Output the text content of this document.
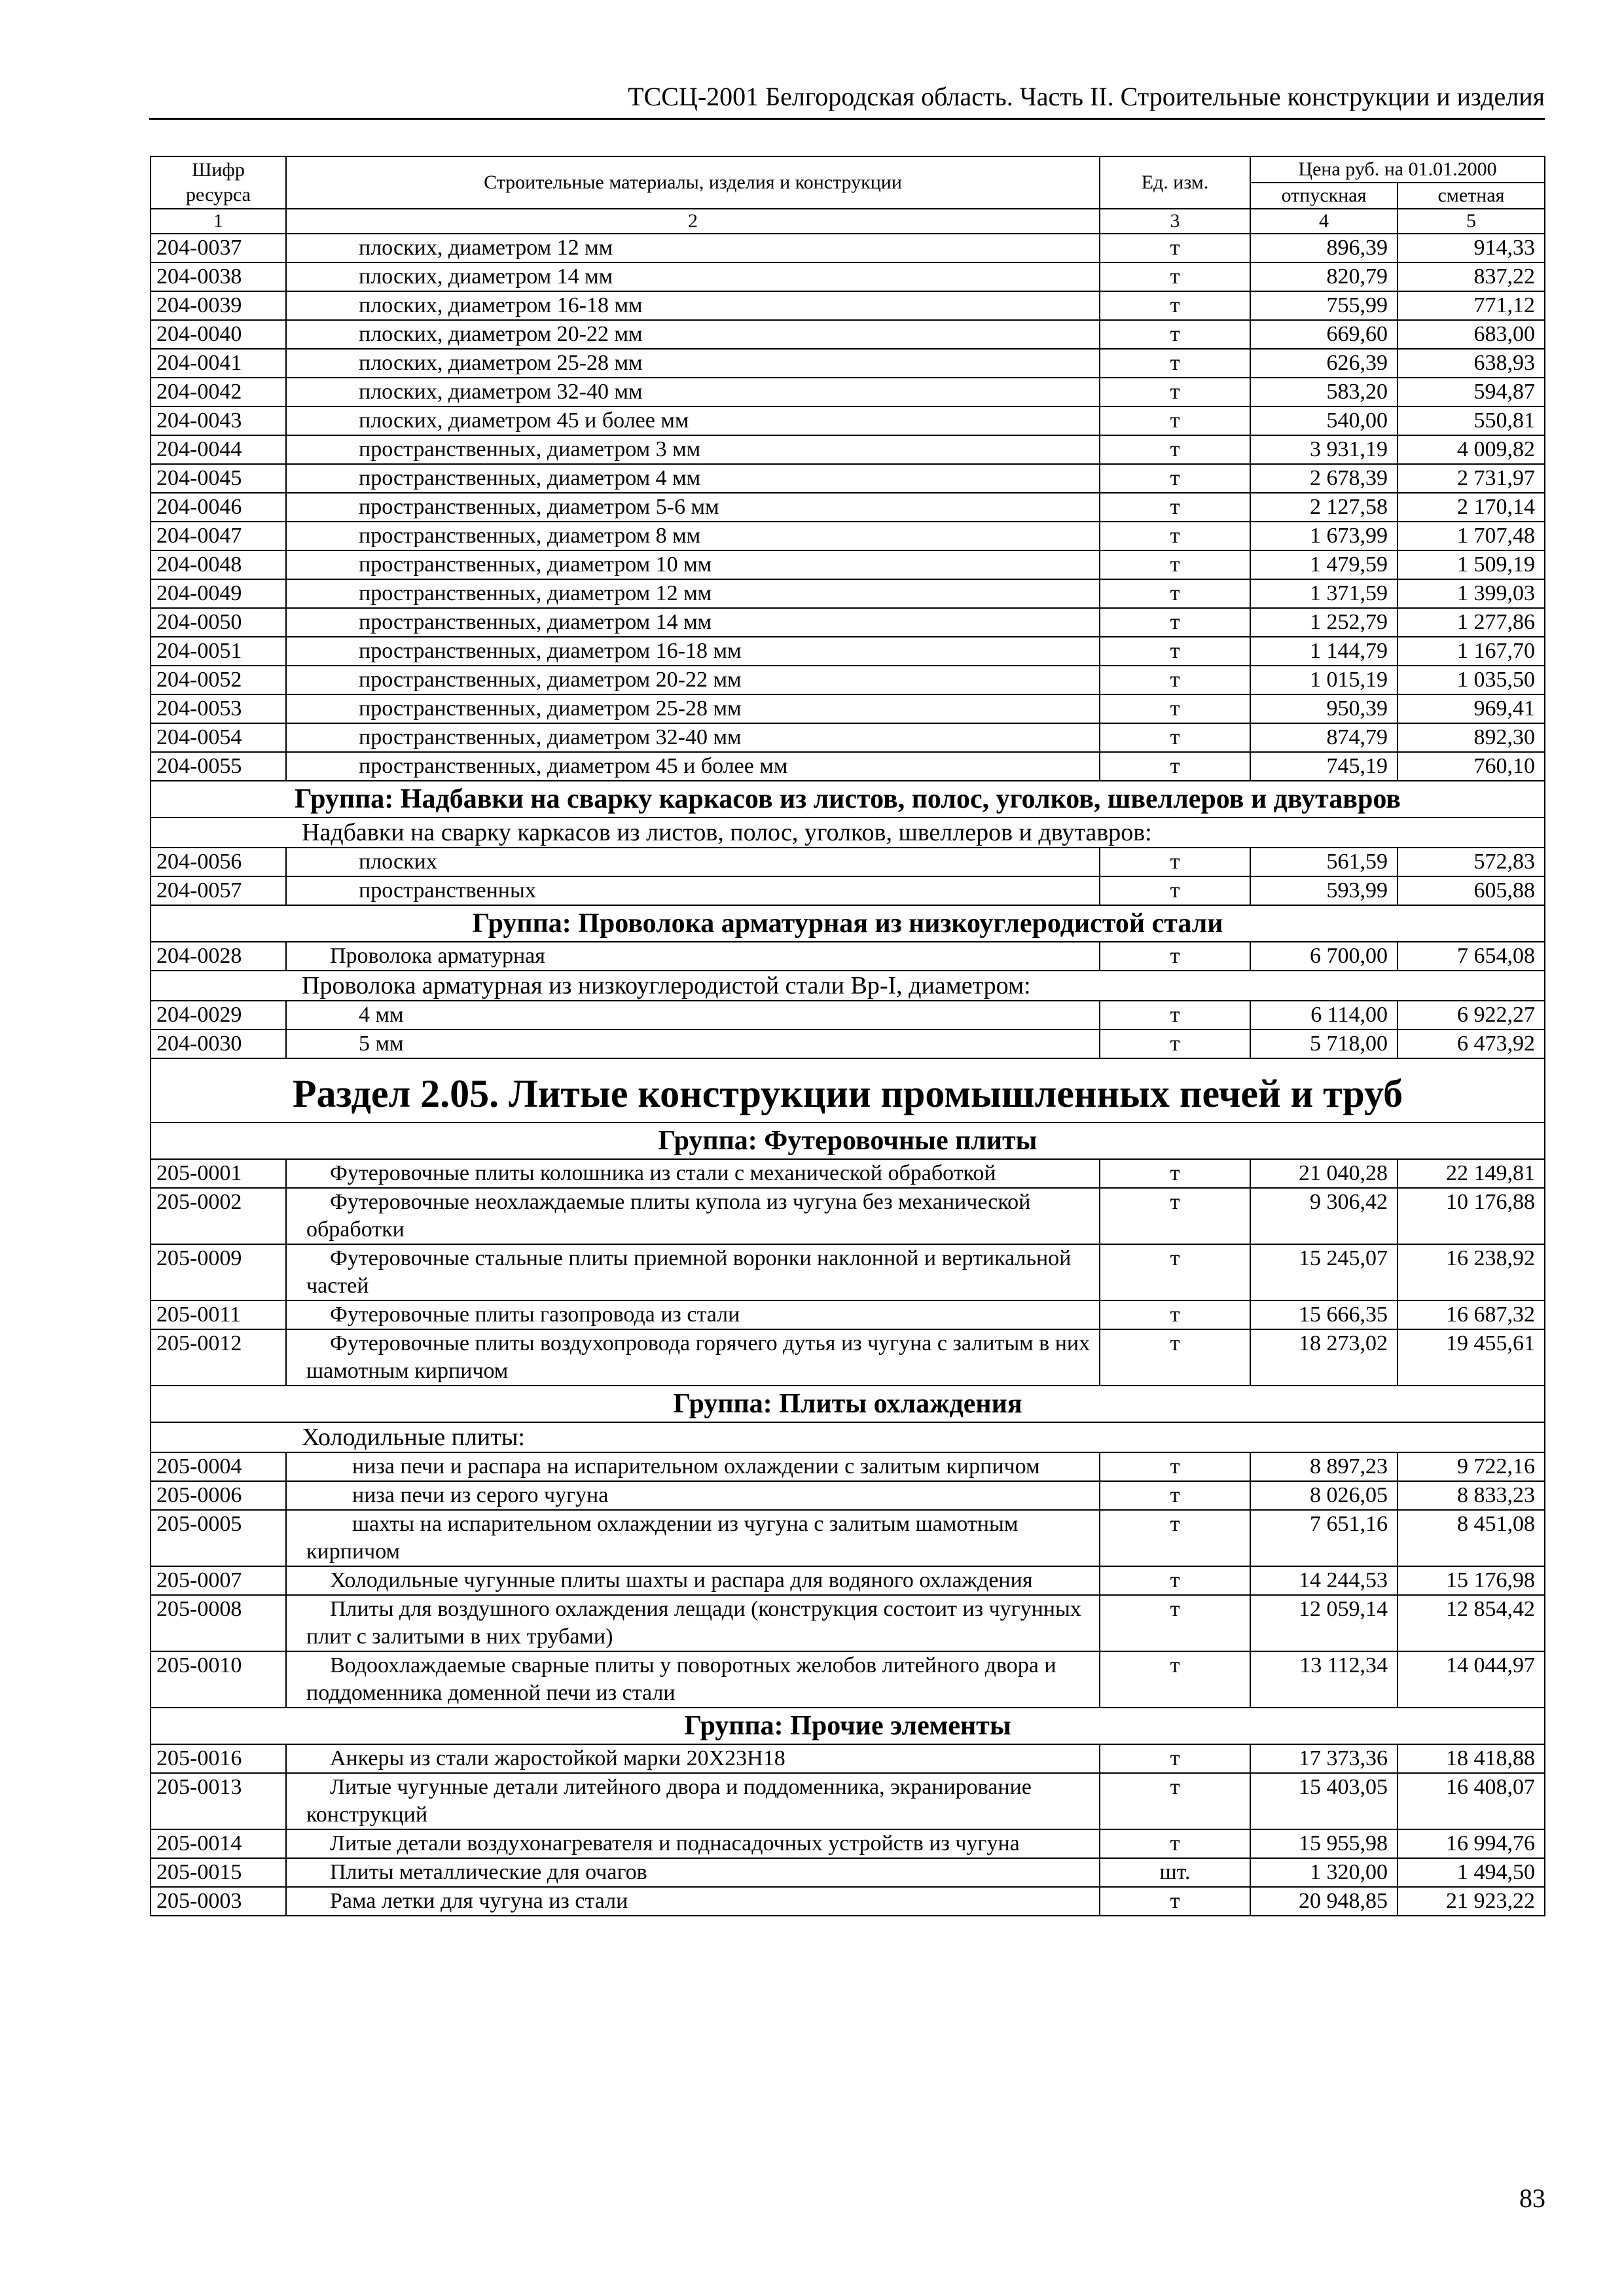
ТССЦ-2001 Белгородская область. Часть II. Строительные конструкции и изделия
Шифр ресурса	Строительные материалы, изделия и конструкции	Ед. изм.	Цена руб. на 01.01.2000	
			отпускная	сметная
1	2	3	4	5
204-0037	плоских, диаметром 12 мм	т	896,39	914,33
204-0038	плоских, диаметром 14 мм	т	820,79	837,22
204-0039	плоских, диаметром 16-18 мм	т	755,99	771,12
204-0040	плоских, диаметром 20-22 мм	т	669,60	683,00
204-0041	плоских, диаметром 25-28 мм	т	626,39	638,93
204-0042	плоских, диаметром 32-40 мм	т	583,20	594,87
204-0043	плоских, диаметром 45 и более мм	т	540,00	550,81
204-0044	пространственных, диаметром 3 мм	т	3 931,19	4 009,82
204-0045	пространственных, диаметром 4 мм	т	2 678,39	2 731,97
204-0046	пространственных, диаметром 5-6 мм	т	2 127,58	2 170,14
204-0047	пространственных, диаметром 8 мм	т	1 673,99	1 707,48
204-0048	пространственных, диаметром 10 мм	т	1 479,59	1 509,19
204-0049	пространственных, диаметром 12 мм	т	1 371,59	1 399,03
204-0050	пространственных, диаметром 14 мм	т	1 252,79	1 277,86
204-0051	пространственных, диаметром 16-18 мм	т	1 144,79	1 167,70
204-0052	пространственных, диаметром 20-22 мм	т	1 015,19	1 035,50
204-0053	пространственных, диаметром 25-28 мм	т	950,39	969,41
204-0054	пространственных, диаметром 32-40 мм	т	874,79	892,30
204-0055	пространственных, диаметром 45 и более мм	т	745,19	760,10
Группа: Надбавки на сварку каркасов из листов, полос, уголков, швеллеров и двутавров				
Надбавки на сварку каркасов из листов, полос, уголков, швеллеров и двутавров:				
204-0056	плоских	т	561,59	572,83
204-0057	пространственных	т	593,99	605,88
Группа: Проволока арматурная из низкоуглеродистой стали				
204-0028	Проволока арматурная	т	6 700,00	7 654,08
Проволока арматурная из низкоуглеродистой стали Вр-I, диаметром:				
204-0029	4 мм	т	6 114,00	6 922,27
204-0030	5 мм	т	5 718,00	6 473,92
Раздел 2.05. Литые конструкции промышленных печей и труб				
Группа: Футеровочные плиты				
205-0001	Футеровочные плиты колошника из стали с механической обработкой	т	21 040,28	22 149,81
205-0002	Футеровочные неохлаждаемые плиты купола из чугуна без механической обработки	т	9 306,42	10 176,88
205-0009	Футеровочные стальные плиты приемной воронки наклонной и вертикальной частей	т	15 245,07	16 238,92
205-0011	Футеровочные плиты газопровода из стали	т	15 666,35	16 687,32
205-0012	Футеровочные плиты воздухопровода горячего дутья из чугуна с залитым в них шамотным кирпичом	т	18 273,02	19 455,61
Группа: Плиты охлаждения				
Холодильные плиты:				
205-0004	низа печи и распара на испарительном охлаждении с залитым кирпичом	т	8 897,23	9 722,16
205-0006	низа печи из серого чугуна	т	8 026,05	8 833,23
205-0005	шахты на испарительном охлаждении из чугуна с залитым шамотным кирпичом	т	7 651,16	8 451,08
205-0007	Холодильные чугунные плиты шахты и распара для водяного охлаждения	т	14 244,53	15 176,98
205-0008	Плиты для воздушного охлаждения лещади (конструкция состоит из чугунных плит с залитыми в них трубами)	т	12 059,14	12 854,42
205-0010	Водоохлаждаемые сварные плиты у поворотных желобов литейного двора и поддоменника доменной печи из стали	т	13 112,34	14 044,97
Группа: Прочие элементы				
205-0016	Анкеры из стали жаростойкой марки 20Х23Н18	т	17 373,36	18 418,88
205-0013	Литые чугунные детали литейного двора и поддоменника, экранирование конструкций	т	15 403,05	16 408,07
205-0014	Литые детали воздухонагревателя и поднасадочных устройств из чугуна	т	15 955,98	16 994,76
205-0015	Плиты металлические для очагов	шт.	1 320,00	1 494,50
205-0003	Рама летки для чугуна из стали	т	20 948,85	21 923,22
83
